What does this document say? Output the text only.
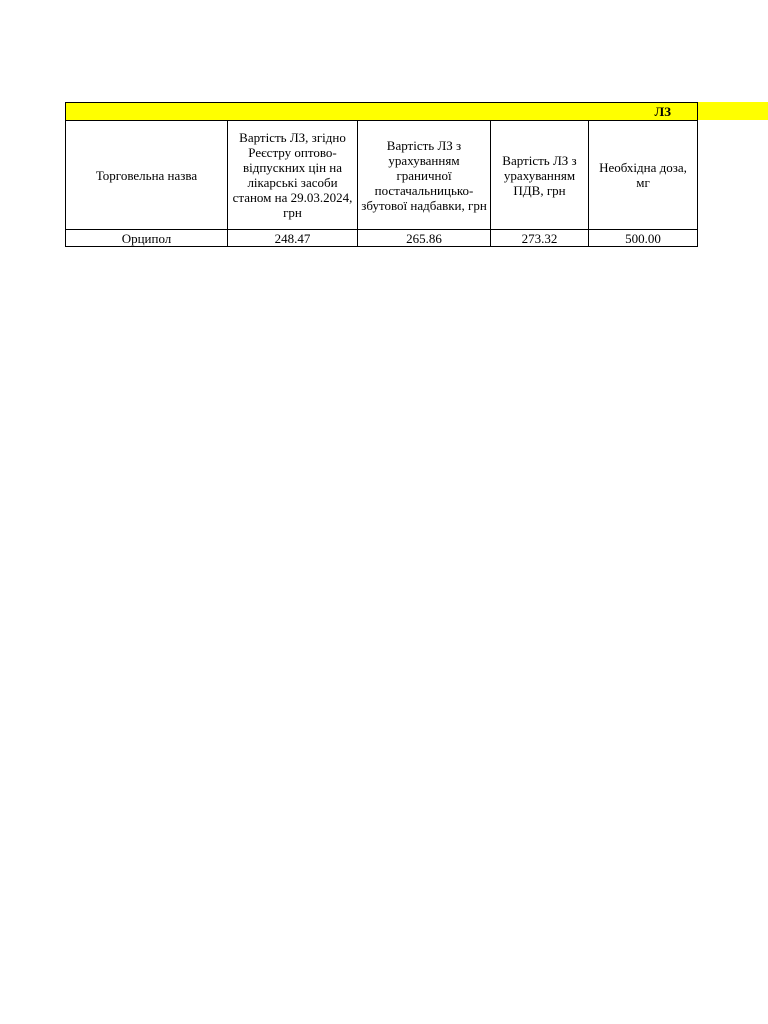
ЛЗ				
Торговельна назва	Вартість ЛЗ, згідно Реєстру оптово-відпускних цін на лікарські засоби станом на 29.03.2024, грн	Вартість ЛЗ з урахуванням граничної постачальницько-збутової надбавки, грн	Вартість ЛЗ з урахуванням ПДВ, грн	Необхідна доза, мг
Орципол	248.47	265.86	273.32	500.00
